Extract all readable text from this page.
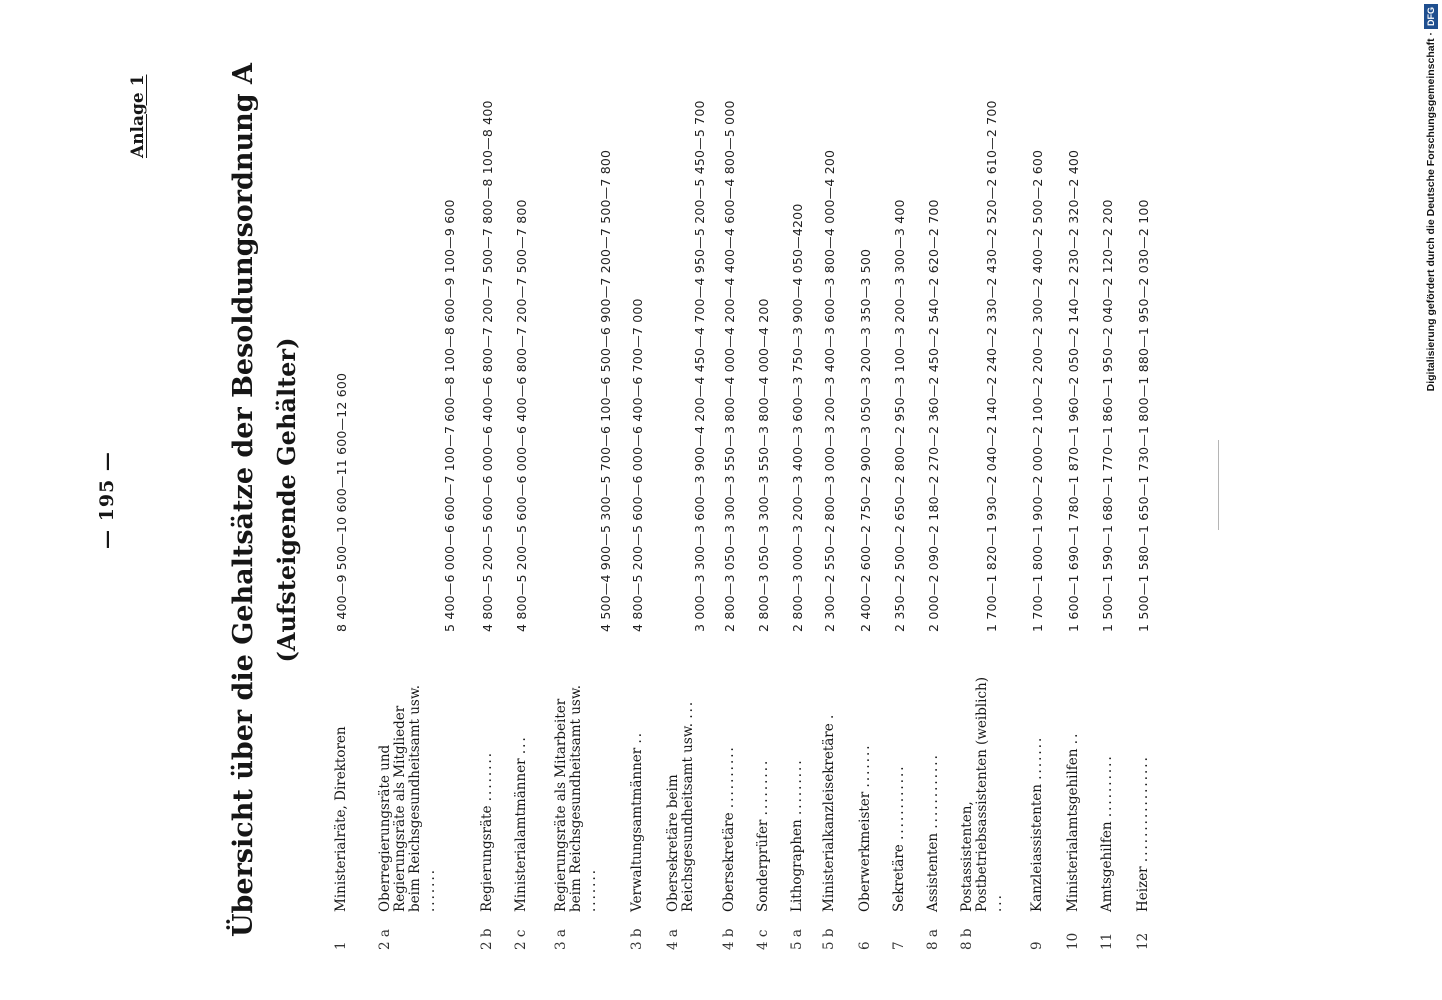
— 195 —
Anlage 1	Übersicht über die Gehaltsätze der Besoldungsordnung A (Aufsteigende Gehälter)
1
Ministerialräte, Direktoren
8 400—9 500—10 600—11 600—12 600
2 a
Oberregierungsräte und Regierungsräte als Mitglieder beim Reichsgesundheitsamt usw. .......
5 400—6 000—6 600—7 100—7 600—8 100—8 600—9 100—9 600
2 b
Regierungsräte ........
4 800—5 200—5 600—6 000—6 400—6 800—7 200—7 500—7 800—8 100—8 400
2 c
Ministerialamtmänner ...
4 800—5 200—5 600—6 000—6 400—6 800—7 200—7 500—7 800
3 a
Regierungsräte als Mitarbeiter beim Reichsgesundheitsamt usw. .......
4 500—4 900—5 300—5 700—6 100—6 500—6 900—7 200—7 500—7 800
3 b
Verwaltungsamtmänner ..
4 800—5 200—5 600—6 000—6 400—6 700—7 000
4 a
Obersekretäre beim Reichsgesundheitsamt usw. ...
3 000—3 300—3 600—3 900—4 200—4 450—4 700—4 950—5 200—5 450—5 700
4 b
Obersekretäre ..........
2 800—3 050—3 300—3 550—3 800—4 000—4 200—4 400—4 600—4 800—5 000
4 c
Sonderprüfer .........
2 800—3 050—3 300—3 550—3 800—4 000—4 200
5 a
Lithographen .........
2 800—3 000—3 200—3 400—3 600—3 750—3 900—4 050—4200
5 b
Ministerialkanzleisekretäre .
2 300—2 550—2 800—3 000—3 200—3 400—3 600—3 800—4 000—4 200
6
Oberwerkmeister .......
2 400—2 600—2 750—2 900—3 050—3 200—3 350—3 500
7
Sekretäre ............
2 350—2 500—2 650—2 800—2 950—3 100—3 200—3 300—3 400
8 a
Assistenten ............
2 000—2 090—2 180—2 270—2 360—2 450—2 540—2 620—2 700
8 b
Postassistenten, Postbetriebsassistenten (weiblich) ...
1 700—1 820—1 930—2 040—2 140—2 240—2 330—2 430—2 520—2 610—2 700
9
Kanzleiassistenten .......
1 700—1 800—1 900—2 000—2 100—2 200—2 300—2 400—2 500—2 600
10
Ministerialamtsgehilfen ..
1 600—1 690—1 780—1 870—1 960—2 050—2 140—2 230—2 320—2 400
11
Amtsgehilfen ..........
1 500—1 590—1 680—1 770—1 860—1 950—2 040—2 120—2 200
12
Heizer .................
1 500—1 580—1 650—1 730—1 800—1 880—1 950—2 030—2 100	Digitalisierung gefördert durch die Deutsche Forschungsgemeinschaft ·DFG
